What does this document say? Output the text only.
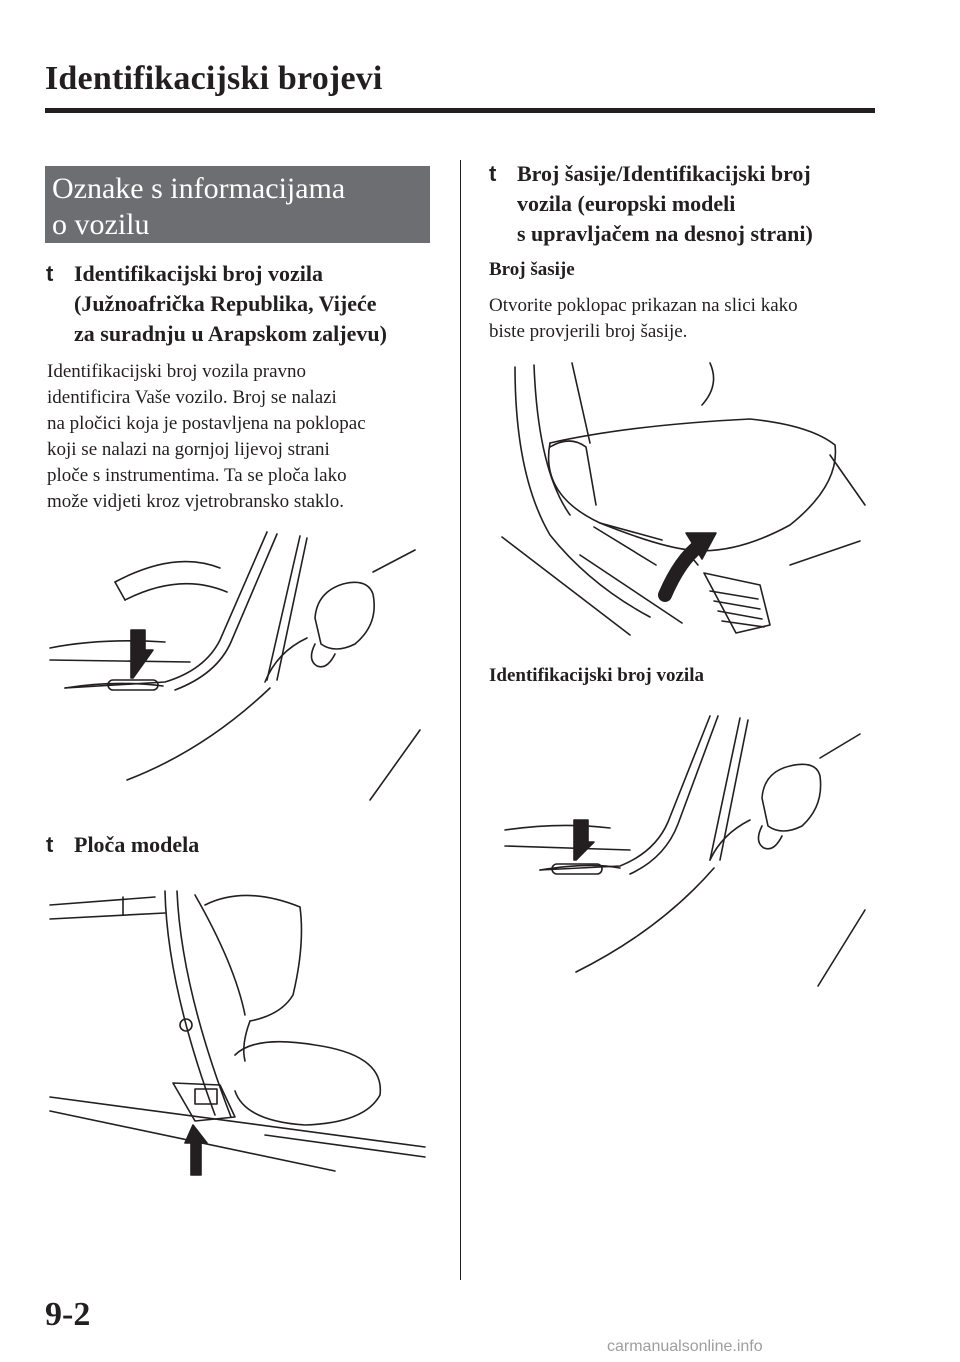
Identifikacijski brojevi
Oznake s informacijama
o vozilu
t Identifikacijski broj vozila
(Južnoafrička Republika, Vijeće
za suradnju u Arapskom zaljevu)

Identifikacijski broj vozila pravno
identificira Vaše vozilo. Broj se nalazi
na pločici koja je postavljena na poklopac
koji se nalazi na gornjoj lijevoj strani
ploče s instrumentima. Ta se ploča lako
može vidjeti kroz vjetrobransko staklo.

t Ploča modela
t Broj šasije/Identifikacijski broj
vozila (europski modeli
s upravljačem na desnoj strani)

Broj šasije

Otvorite poklopac prikazan na slici kako
biste provjerili broj šasije.

Identifikacijski broj vozila

9-2

carmanualsonline.info
